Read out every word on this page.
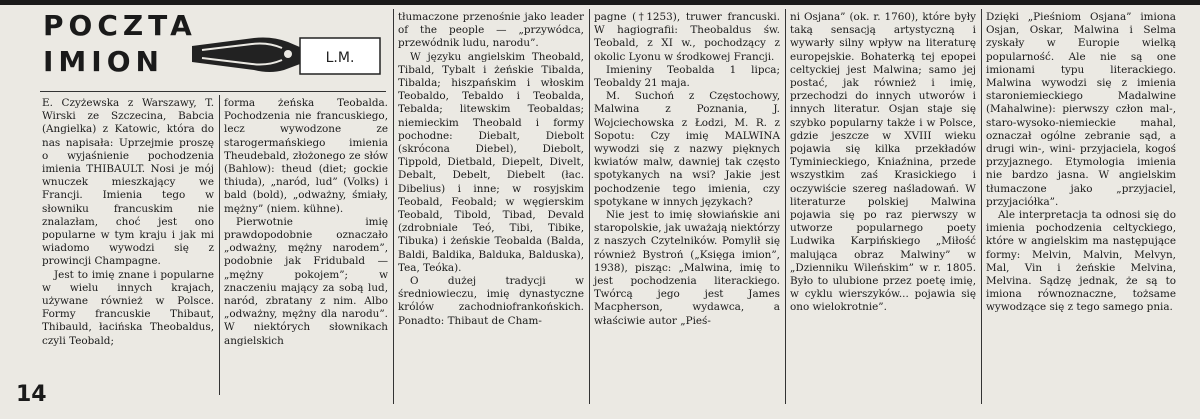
POCZTA
IMION	L.M.

E. Czyżewska z Warszawy, T. Wirski ze Szczecina, Babcia (Angielka) z Katowic, która do nas napisała: Uprzejmie proszę o wyjaśnienie pochodzenia imienia THIBAULT. Nosi je mój wnuczek mieszkający we Francji. Imienia tego w słowniku francuskim nie znalazłam, choć jest ono popularne w tym kraju i jak mi wiadomo wywodzi się z prowincji Champagne.

Jest to imię znane i popularne w wielu innych krajach, używane również w Polsce. Formy francuskie Thibaut, Thibauld, łacińska Theobaldus, czyli Teobald;

forma żeńska Teobalda. Pochodzenia nie francuskiego, lecz wywodzone ze starogermańskiego imienia Theudebald, złożonego ze słów (Bahlow): theud (diet; gockie thiuda), „naród, lud” (Volks) i bald (bold), „odważny, śmiały, mężny” (niem. kühne).

Pierwotnie imię prawdopodobnie oznaczało „odważny, mężny narodem”, podobnie jak Fridubald — „mężny pokojem”; w znaczeniu mający za sobą lud, naród, zbratany z nim. Albo „odważny, mężny dla narodu”. W niektórych słownikach angielskich

tłumaczone przenośnie jako leader of the people — „przywódca, przewódnik ludu, narodu”.

W języku angielskim Theobald, Tibald, Tybalt i żeńskie Tibalda, Tibalda; hiszpańskim i włoskim Teobaldo, Tebaldo i Teobalda, Tebalda; litewskim Teobaldas; niemieckim Theobald i formy pochodne: Diebalt, Diebolt (skrócona Diebel), Diebolt, Tippold, Dietbald, Diepelt, Divelt, Debalt, Debelt, Diebelt (łac. Dibelius) i inne; w rosyjskim Teobald, Feobald; w węgierskim Teobald, Tibold, Tibad, Devald (zdrobniale Teó, Tibi, Tibike, Tibuka) i żeńskie Teobalda (Balda, Baldi, Baldika, Balduka, Balduska), Tea, Teóka).

O dużej tradycji w średniowieczu, imię dynastyczne królów zachodniofrankońskich. Ponadto: Thibaut de Cham-

pagne (†1253), truwer francuski. W hagiografii: Theobaldus św. Teobald, z XI w., pochodzący z okolic Lyonu w środkowej Francji.

Imieniny Teobalda 1 lipca; Teobaldy 21 maja.

M. Suchoń z Częstochowy, Malwina z Poznania, J. Wojciechowska z Łodzi, M. R. z Sopotu: Czy imię MALWINA wywodzi się z nazwy pięknych kwiatów malw, dawniej tak często spotykanych na wsi? Jakie jest pochodzenie tego imienia, czy spotykane w innych językach?

Nie jest to imię słowiańskie ani staropolskie, jak uważają niektórzy z naszych Czytelników. Pomylił się również Bystroń („Księga imion”, 1938), pisząc: „Malwina, imię to jest pochodzenia literackiego. Twórcą jego jest James Macpherson, wydawca, a właściwie autor „Pieś-

ni Osjana” (ok. r. 1760), które były taką sensacją artystyczną i wywarły silny wpływ na literaturę europejskie. Bohaterką tej epopei celtyckiej jest Malwina; samo jej postać, jak również i imię, przechodzi do innych utworów i innych literatur. Osjan staje się szybko popularny także i w Polsce, gdzie jeszcze w XVIII wieku pojawia się kilka przekładów Tyminieckiego, Kniaźnina, przede wszystkim zaś Krasickiego i oczywiście szereg naśladowań. W literaturze polskiej Malwina pojawia się po raz pierwszy w utworze popularnego poety Ludwika Karpińskiego „Miłość malująca obraz Malwiny” w „Dzienniku Wileńskim” w r. 1805. Było to ulubione przez poetę imię, w cyklu wierszyków... pojawia się ono wielokrotnie”.

Dzięki „Pieśniom Osjana” imiona Osjan, Oskar, Malwina i Selma zyskały w Europie wielką popularność. Ale nie są one imionami typu literackiego. Malwina wywodzi się z imienia staroniemieckiego Madalwine (Mahalwine): pierwszy człon mal-, staro-wysoko-niemieckie mahal, oznaczał ogólne zebranie sąd, a drugi win-, wini- przyjaciela, kogoś przyjaznego. Etymologia imienia nie bardzo jasna. W angielskim tłumaczone jako „przyjaciel, przyjaciółka”.

Ale interpretacja ta odnosi się do imienia pochodzenia celtyckiego, które w angielskim ma następujące formy: Melvin, Malvin, Melvyn, Mal, Vin i żeńskie Melvina, Melvina. Sądzę jednak, że są to imiona równoznaczne, tożsame wywodzące się z tego samego pnia.

14
